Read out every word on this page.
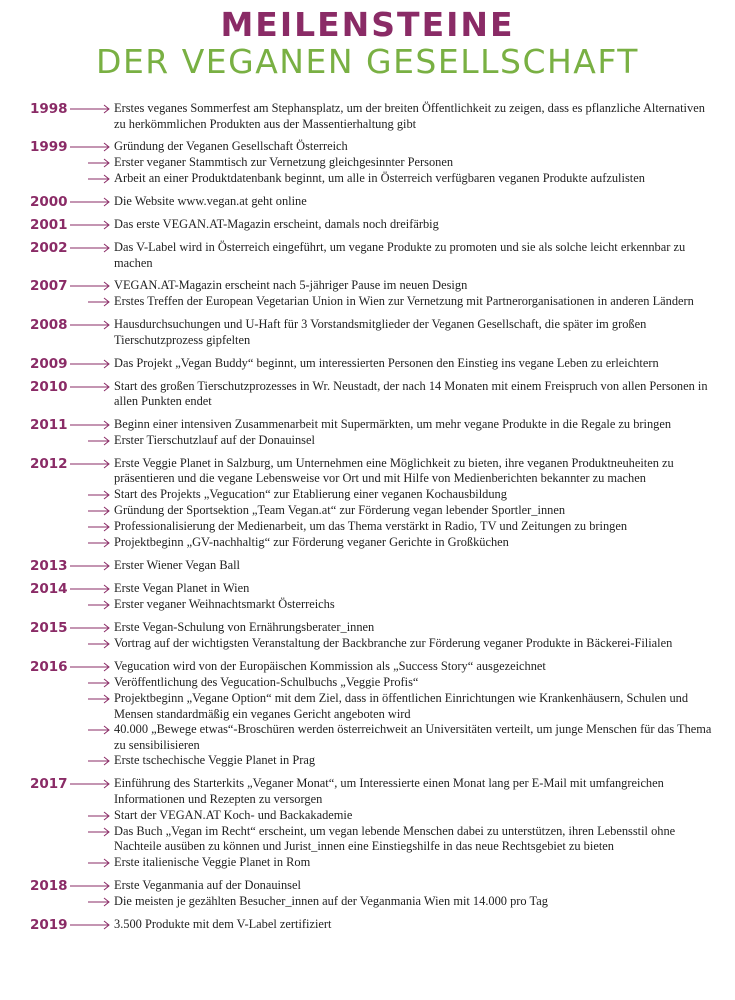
MEILENSTEINE
DER VEGANEN GESELLSCHAFT
1998	Erstes veganes Sommerfest am Stephansplatz, um der breiten Öffentlichkeit zu zeigen, dass es pflanzliche Alternativen zu herkömmlichen Produkten aus der Massentierhaltung gibt
1999	Gründung der Veganen Gesellschaft Österreich
Erster veganer Stammtisch zur Vernetzung gleichgesinnter Personen
Arbeit an einer Produktdatenbank beginnt, um alle in Österreich verfügbaren veganen Produkte aufzulisten
2000	Die Website www.vegan.at geht online
2001	Das erste VEGAN.AT-Magazin erscheint, damals noch dreifärbig
2002	Das V-Label wird in Österreich eingeführt, um vegane Produkte zu promoten und sie als solche leicht erkennbar zu machen
2007	VEGAN.AT-Magazin erscheint nach 5-jähriger Pause im neuen Design
Erstes Treffen der European Vegetarian Union in Wien zur Vernetzung mit Partnerorganisationen in anderen Ländern
2008	Hausdurchsuchungen und U-Haft für 3 Vorstandsmitglieder der Veganen Gesellschaft, die später im großen Tierschutzprozess gipfelten
2009	Das Projekt „Vegan Buddy“ beginnt, um interessierten Personen den Einstieg ins vegane Leben zu erleichtern
2010	Start des großen Tierschutzprozesses in Wr. Neustadt, der nach 14 Monaten mit einem Freispruch von allen Personen in allen Punkten endet
2011	Beginn einer intensiven Zusammenarbeit mit Supermärkten, um mehr vegane Produkte in die Regale zu bringen
Erster Tierschutzlauf auf der Donauinsel
2012	Erste Veggie Planet in Salzburg, um Unternehmen eine Möglichkeit zu bieten, ihre veganen Produktneuheiten zu präsentieren und die vegane Lebensweise vor Ort und mit Hilfe von Medienberichten bekannter zu machen
Start des Projekts „Vegucation“ zur Etablierung einer veganen Kochausbildung
Gründung der Sportsektion „Team Vegan.at“ zur Förderung vegan lebender Sportler_innen
Professionalisierung der Medienarbeit, um das Thema verstärkt in Radio, TV und Zeitungen zu bringen
Projektbeginn „GV-nachhaltig“ zur Förderung veganer Gerichte in Großküchen
2013	Erster Wiener Vegan Ball
2014	Erste Vegan Planet in Wien
Erster veganer Weihnachtsmarkt Österreichs
2015	Erste Vegan-Schulung von Ernährungsberater_innen
Vortrag auf der wichtigsten Veranstaltung der Backbranche zur Förderung veganer Produkte in Bäckerei-Filialen
2016	Vegucation wird von der Europäischen Kommission als „Success Story“ ausgezeichnet
Veröffentlichung des Vegucation-Schulbuchs „Veggie Profis“
Projektbeginn „Vegane Option“ mit dem Ziel, dass in öffentlichen Einrichtungen wie Krankenhäusern, Schulen und Mensen standardmäßig ein veganes Gericht angeboten wird
40.000 „Bewege etwas“-Broschüren werden österreichweit an Universitäten verteilt, um junge Menschen für das Thema zu sensibilisieren
Erste tschechische Veggie Planet in Prag
2017	Einführung des Starterkits „Veganer Monat“, um Interessierte einen Monat lang per E-Mail mit umfangreichen Informationen und Rezepten zu versorgen
Start der VEGAN.AT Koch- und Backakademie
Das Buch „Vegan im Recht“ erscheint, um vegan lebende Menschen dabei zu unterstützen, ihren Lebensstil ohne Nachteile ausüben zu können und Jurist_innen eine Einstiegshilfe in das neue Rechtsgebiet zu bieten
Erste italienische Veggie Planet in Rom
2018	Erste Veganmania auf der Donauinsel
Die meisten je gezählten Besucher_innen auf der Veganmania Wien mit 14.000 pro Tag
2019	3.500 Produkte mit dem V-Label zertifiziert
